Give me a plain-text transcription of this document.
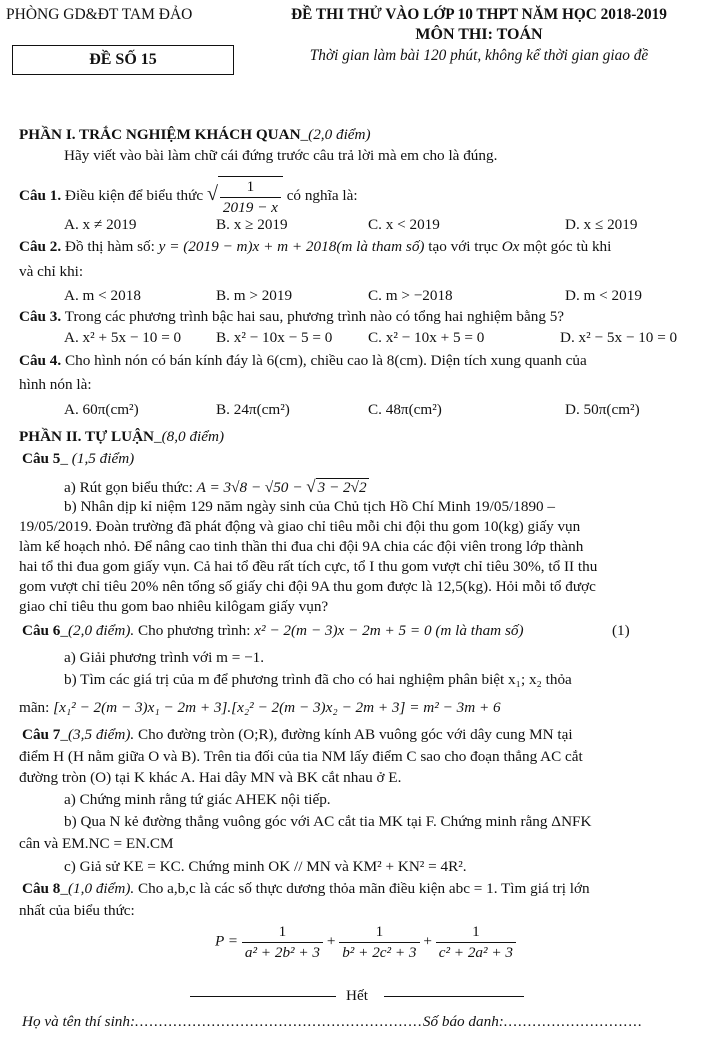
PHÒNG GD&ĐT TAM ĐẢO
ĐỀ SỐ 15
ĐỀ THI THỬ VÀO LỚP 10 THPT NĂM HỌC 2018-2019
MÔN THI: TOÁN
Thời gian làm bài 120 phút, không kể thời gian giao đề
PHẦN I. TRẮC NGHIỆM KHÁCH QUAN_(2,0 điểm)
Hãy viết vào bài làm chữ cái đứng trước câu trả lời mà em cho là đúng.
Câu 1. Điều kiện để biểu thức √ $\frac{1}{2019 - x}$ có nghĩa là:
A. x ≠ 2019	B. x ≥ 2019	C. x < 2019	D. x ≤ 2019
Câu 2. Đồ thị hàm số: y = (2019 − m)x + m + 2018(m là tham số) tạo với trục Ox một góc tù khi
và chỉ khi:
A. m < 2018	B. m > 2019	C. m > −2018	D. m < 2019
Câu 3. Trong các phương trình bậc hai sau, phương trình nào có tổng hai nghiệm bằng 5?
A. x² + 5x − 10 = 0 B. x² − 10x − 5 = 0 C. x² − 10x + 5 = 0	D. x² − 5x − 10 = 0
Câu 4. Cho hình nón có bán kính đáy là 6(cm), chiều cao là 8(cm). Diện tích xung quanh của
hình nón là:
A. 60π(cm²)	B. 24π(cm²)	C. 48π(cm²)	D. 50π(cm²)
PHẦN II. TỰ LUẬN_(8,0 điểm)
Câu 5_ (1,5 điểm)
a) Rút gọn biểu thức: A = 3√8 − √50 − √ 3 − 2√2
b) Nhân dịp kỉ niệm 129 năm ngày sinh của Chủ tịch Hồ Chí Minh 19/05/1890 –
19/05/2019. Đoàn trường đã phát động và giao chỉ tiêu mỗi chi đội thu gom 10(kg) giấy vụn
làm kế hoạch nhỏ. Để nâng cao tinh thần thi đua chi đội 9A chia các đội viên trong lớp thành
hai tổ thi đua gom giấy vụn. Cả hai tổ đều rất tích cực, tổ I thu gom vượt chỉ tiêu 30%, tổ II thu
gom vượt chỉ tiêu 20% nên tổng số giấy chi đội 9A thu gom được là 12,5(kg). Hỏi mỗi tổ được
giao chỉ tiêu thu gom bao nhiêu kilôgam giấy vụn?
Câu 6_(2,0 điểm). Cho phương trình: x² − 2(m − 3)x − 2m + 5 = 0 (m là tham số)	(1)
a) Giải phương trình với m = −1.
b) Tìm các giá trị của m để phương trình đã cho có hai nghiệm phân biệt x₁; x₂ thỏa
mãn: [x₁² − 2(m − 3)x₁ − 2m + 3].[x₂² − 2(m − 3)x₂ − 2m + 3] = m² − 3m + 6
Câu 7_(3,5 điểm). Cho đường tròn (O;R), đường kính AB vuông góc với dây cung MN tại
điểm H (H nằm giữa O và B). Trên tia đối của tia NM lấy điểm C sao cho đoạn thẳng AC cắt
đường tròn (O) tại K khác A. Hai dây MN và BK cắt nhau ở E.
a) Chứng minh rằng tứ giác AHEK nội tiếp.
b) Qua N kẻ đường thẳng vuông góc với AC cắt tia MK tại F. Chứng minh rằng ΔNFK
cân và EM.NC = EN.CM
c) Giả sử KE = KC. Chứng minh OK // MN và KM² + KN² = 4R².
Câu 8_(1,0 điểm). Cho a,b,c là các số thực dương thỏa mãn điều kiện abc = 1. Tìm giá trị lớn
nhất của biểu thức:
$P = \frac{1}{\text{a² + 2b² + 3}} + \frac{1}{\text{b² + 2c² + 3}} + \frac{1}{\text{c² + 2a² + 3}}$
Hết
Họ và tên thí sinh:............................................................Số báo danh:.............................
